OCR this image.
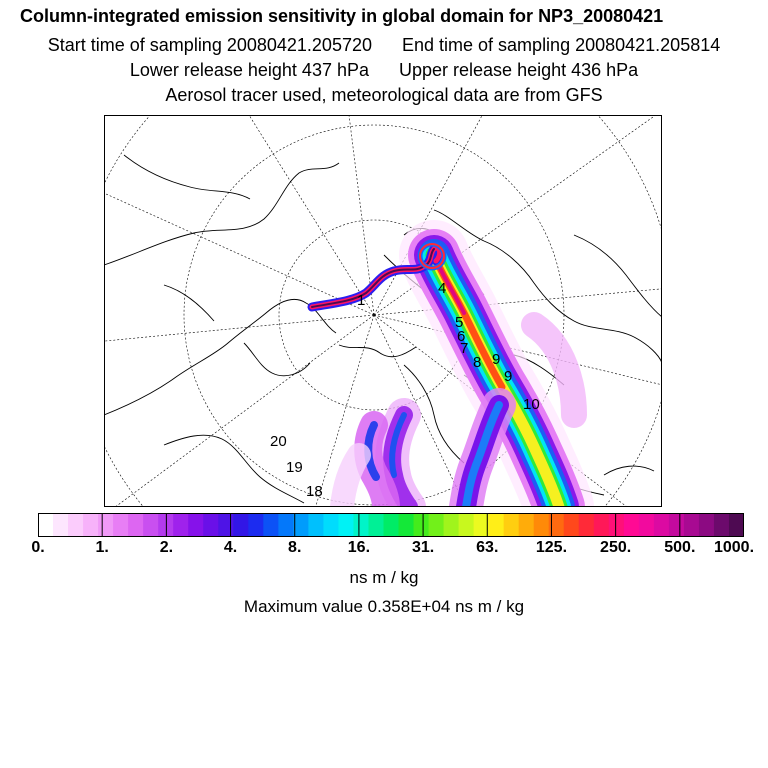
Column-integrated emission sensitivity in global domain for NP3_20080421
Start time of sampling 20080421.205720 End time of sampling 20080421.205814
Lower release height 437 hPa Upper release height 436 hPa
Aerosol tracer used, meteorological data are from GFS
1
4
5
6
7
8 9
9
10
20
19
18
0.	1.	2.	4.	8.	16.	31.	63. 125. 250. 500. 1000.
ns m / kg
Maximum value 0.358E+04 ns m / kg
